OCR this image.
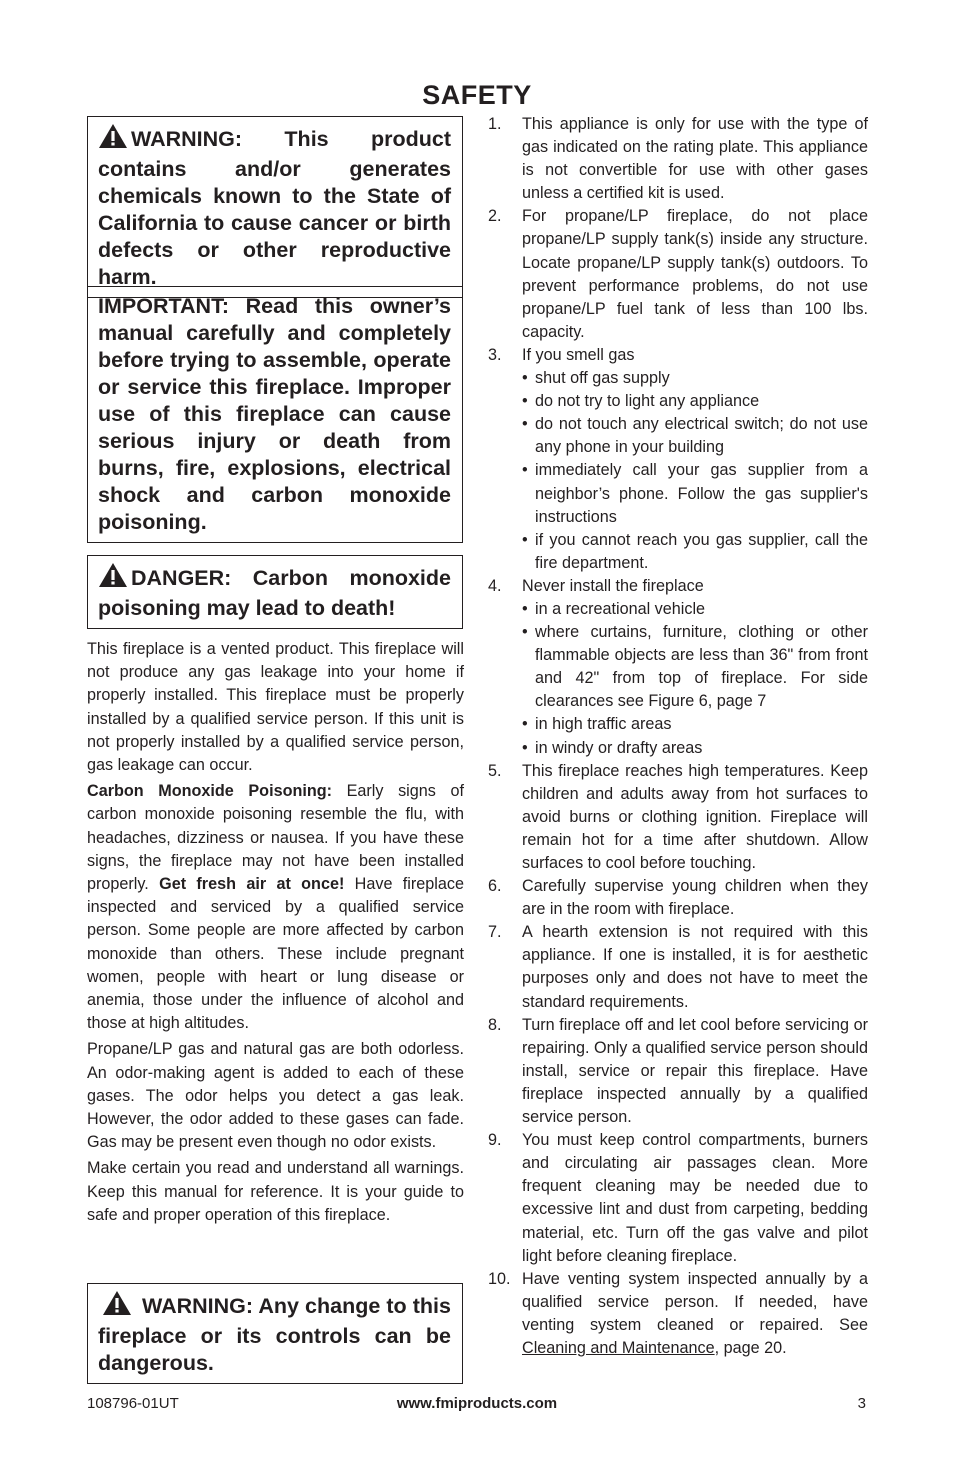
SAFETY
WARNING: This product contains and/or generates chemicals known to the State of California to cause cancer or birth defects or other reproductive harm.
IMPORTANT: Read this owner’s manual carefully and completely before trying to assemble, operate or service this fireplace. Improper use of this fireplace can cause serious injury or death from burns, fire, explosions, electrical shock and carbon monoxide poisoning.
DANGER: Carbon monoxide poisoning may lead to death!

This fireplace is a vented product. This fireplace will not produce any gas leakage into your home if properly installed. This fireplace must be properly installed by a qualified service person. If this unit is not properly installed by a qualified service person, gas leakage can occur.

Carbon Monoxide Poisoning: Early signs of carbon monoxide poisoning resemble the flu, with headaches, dizziness or nausea. If you have these signs, the fireplace may not have been installed properly. Get fresh air at once! Have fireplace inspected and serviced by a qualified service person. Some people are more affected by carbon monoxide than others. These include pregnant women, people with heart or lung disease or anemia, those under the influence of alcohol and those at high altitudes.

Propane/LP gas and natural gas are both odorless. An odor-making agent is added to each of these gases. The odor helps you detect a gas leak. However, the odor added to these gases can fade. Gas may be present even though no odor exists.

Make certain you read and understand all warnings. Keep this manual for reference. It is your guide to safe and proper operation of this fireplace.

WARNING: Any change to this fireplace or its controls can be dangerous.
1.	This appliance is only for use with the type of gas indicated on the rating plate. This appliance is not convertible for use with other gases unless a certified kit is used.
2.	For propane/LP fireplace, do not place propane/LP supply tank(s) inside any structure. Locate propane/LP supply tank(s) outdoors. To prevent performance problems, do not use propane/LP fuel tank of less than 100 lbs. capacity.
3.	If you smell gas
• shut off gas supply
• do not try to light any appliance
• do not touch any electrical switch; do not use any phone in your building
• immediately call your gas supplier from a neighbor’s phone. Follow the gas supplier's instructions
• if you cannot reach you gas supplier, call the fire department.
4.	Never install the fireplace
• in a recreational vehicle
• where curtains, furniture, clothing or other flammable objects are less than 36" from front and 42" from top of fireplace. For side clearances see Figure 6, page 7
• in high traffic areas
• in windy or drafty areas
5.	This fireplace reaches high temperatures. Keep children and adults away from hot surfaces to avoid burns or clothing ignition. Fireplace will remain hot for a time after shutdown. Allow surfaces to cool before touching.
6.	Carefully supervise young children when they are in the room with fireplace.
7.	A hearth extension is not required with this appliance. If one is installed, it is for aesthetic purposes only and does not have to meet the standard requirements.
8.	Turn fireplace off and let cool before servicing or repairing. Only a qualified service person should install, service or repair this fireplace. Have fireplace inspected annually by a qualified service person.
9.	You must keep control compartments, burners and circulating air passages clean. More frequent cleaning may be needed due to excessive lint and dust from carpeting, bedding material, etc. Turn off the gas valve and pilot light before cleaning fireplace.
10. Have venting system inspected annually by a qualified service person. If needed, have venting system cleaned or repaired. See Cleaning and Maintenance, page 20.
108796-01UT	www.fmiproducts.com	3
